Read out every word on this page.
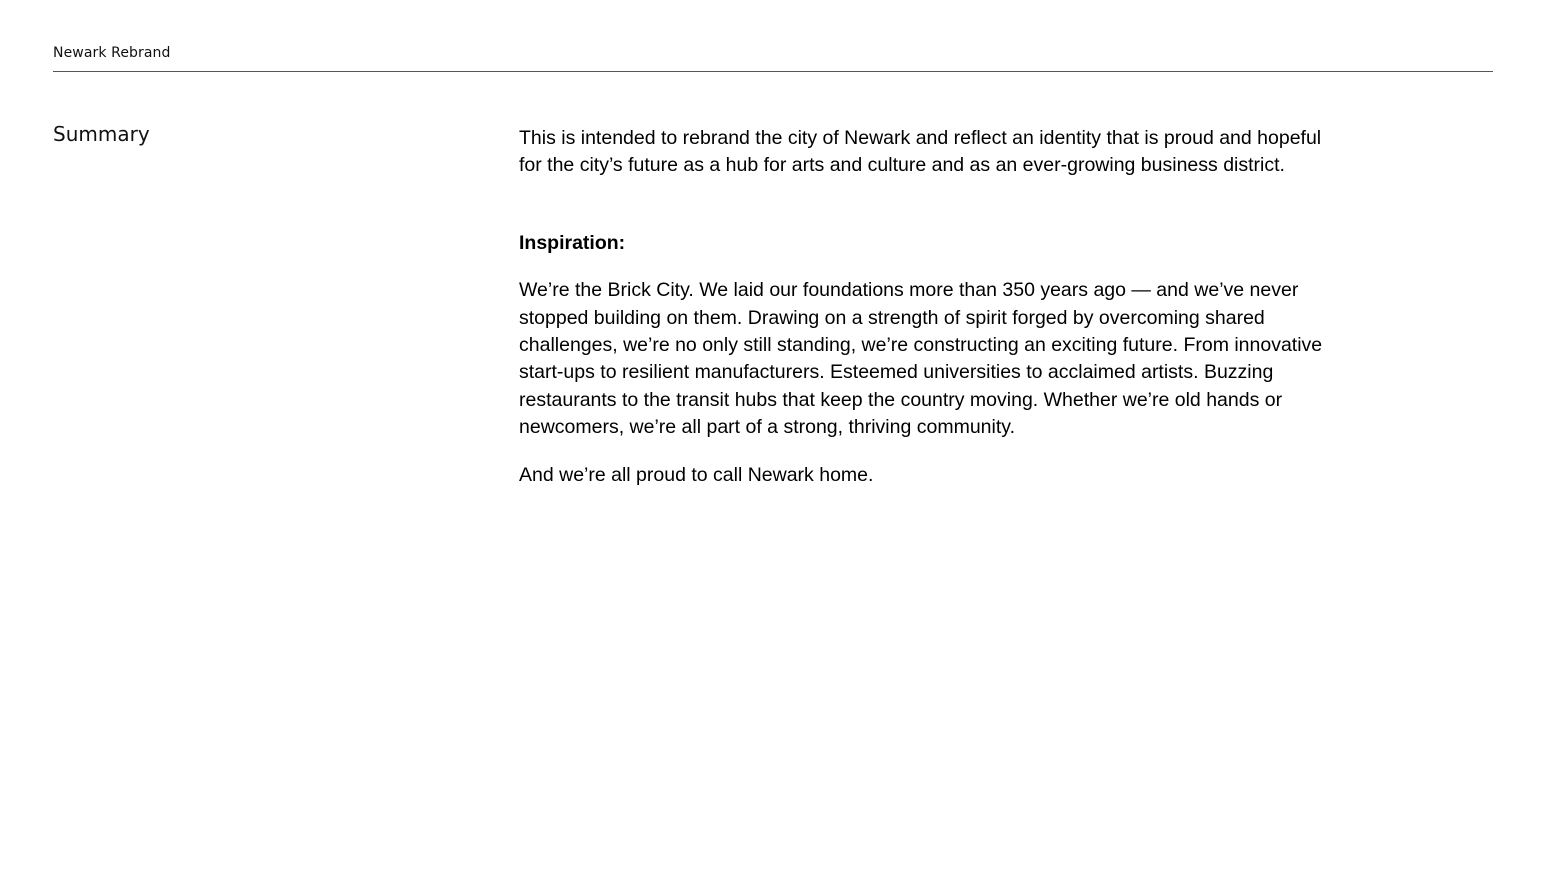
Newark Rebrand
Summary	This is intended to rebrand the city of Newark and reflect an identity that is proud and hopeful for the city’s future as a hub for arts and culture and as an ever-growing business district.

Inspiration:

We’re the Brick City. We laid our foundations more than 350 years ago — and we’ve never stopped building on them. Drawing on a strength of spirit forged by overcoming shared challenges, we’re no only still standing, we’re constructing an exciting future. From innovative start-ups to resilient manufacturers. Esteemed universities to acclaimed artists. Buzzing restaurants to the transit hubs that keep the country moving. Whether we’re old hands or newcomers, we’re all part of a strong, thriving community.

And we’re all proud to call Newark home.
